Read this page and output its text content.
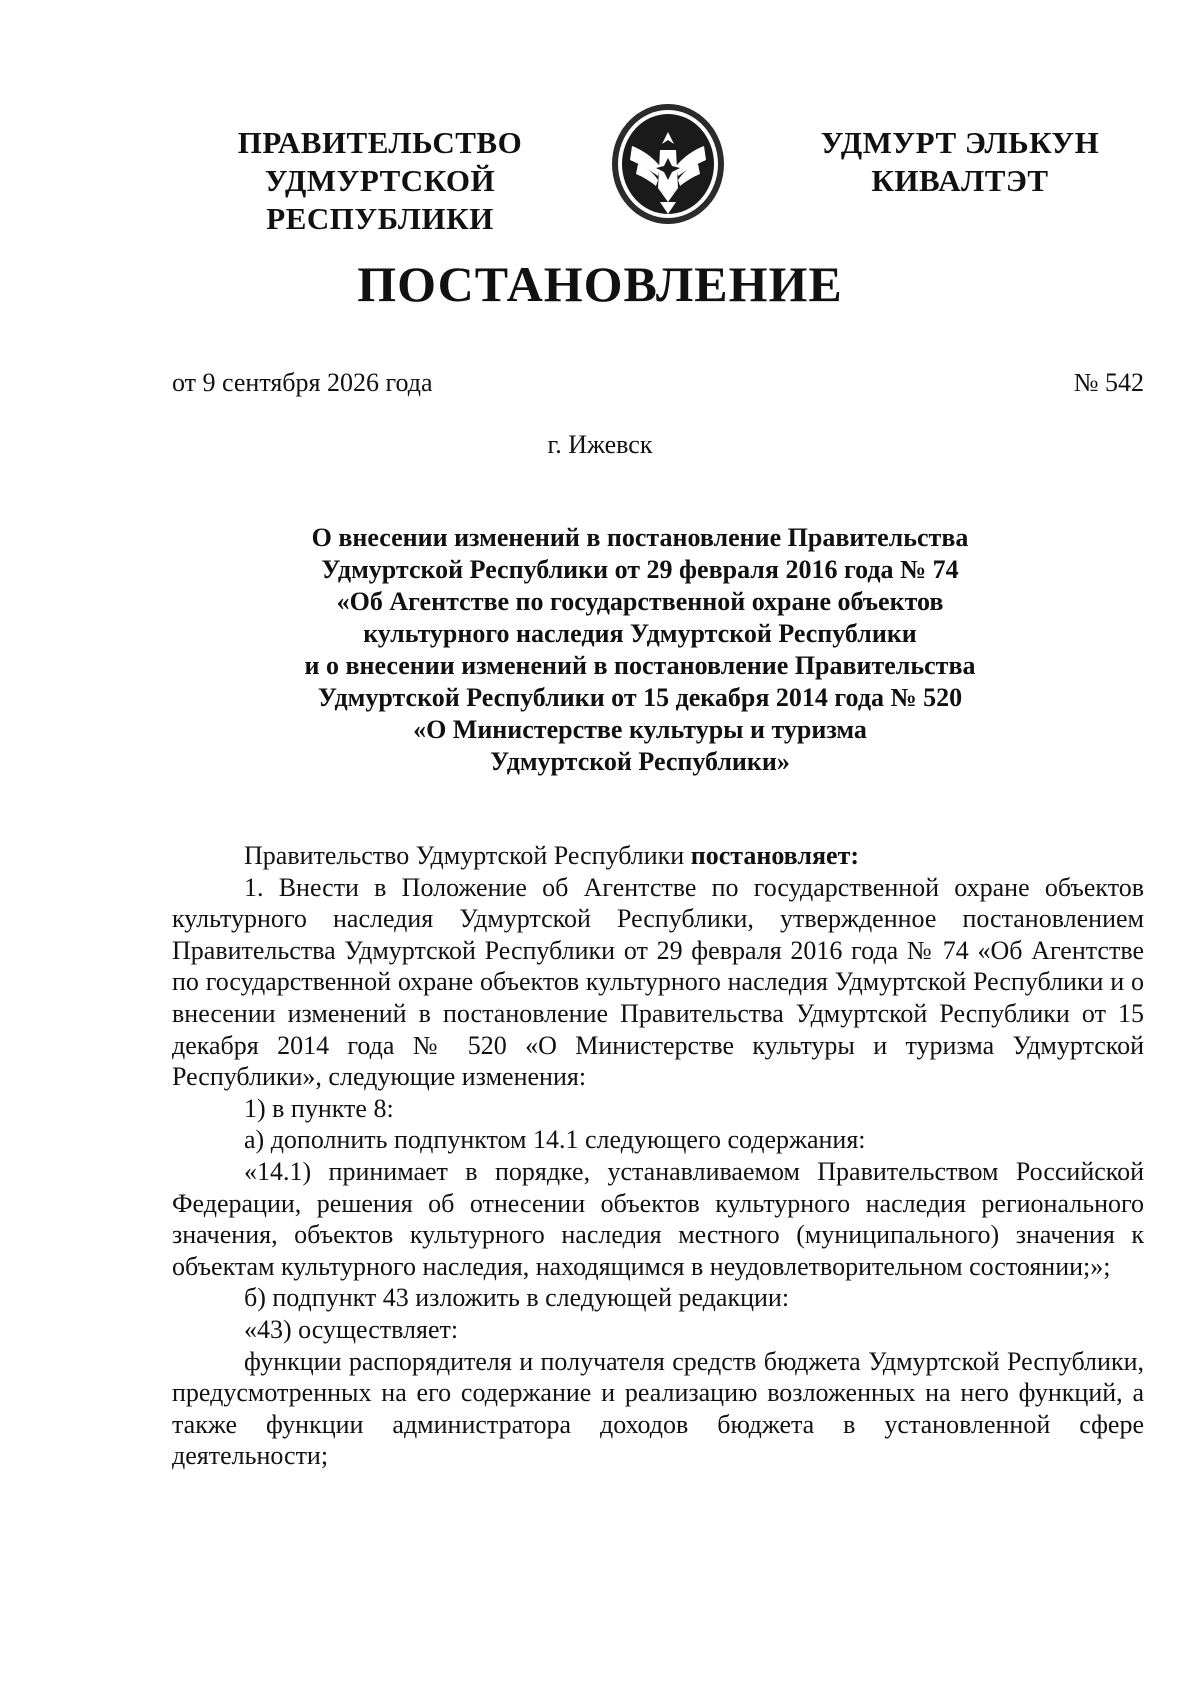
ПРАВИТЕЛЬСТВО
УДМУРТСКОЙ РЕСПУБЛИКИ
УДМУРТ ЭЛЬКУН
КИВАЛТЭТ
ПОСТАНОВЛЕНИЕ
от 9 сентября 2026 года	№ 542
г. Ижевск
О внесении изменений в постановление Правительства
Удмуртской Республики от 29 февраля 2016 года № 74
«Об Агентстве по государственной охране объектов
культурного наследия Удмуртской Республики
и о внесении изменений в постановление Правительства
Удмуртской Республики от 15 декабря 2014 года № 520
«О Министерстве культуры и туризма
Удмуртской Республики»

Правительство Удмуртской Республики постановляет:

1. Внести в Положение об Агентстве по государственной охране объектов культурного наследия Удмуртской Республики, утвержденное постановлением Правительства Удмуртской Республики от 29 февраля 2016 года № 74 «Об Агентстве по государственной охране объектов культурного наследия Удмуртской Республики и о внесении изменений в постановление Правительства Удмуртской Республики от 15 декабря 2014 года № 520 «О Министерстве культуры и туризма Удмуртской Республики», следующие изменения:

1) в пункте 8:

а) дополнить подпунктом 14.1 следующего содержания:

«14.1) принимает в порядке, устанавливаемом Правительством Российской Федерации, решения об отнесении объектов культурного наследия регионального значения, объектов культурного наследия местного (муниципального) значения к объектам культурного наследия, находящимся в неудовлетворительном состоянии;»;

б) подпункт 43 изложить в следующей редакции:

«43) осуществляет:

функции распорядителя и получателя средств бюджета Удмуртской Республики, предусмотренных на его содержание и реализацию возложенных на него функций, а также функции администратора доходов бюджета в установленной сфере деятельности;
